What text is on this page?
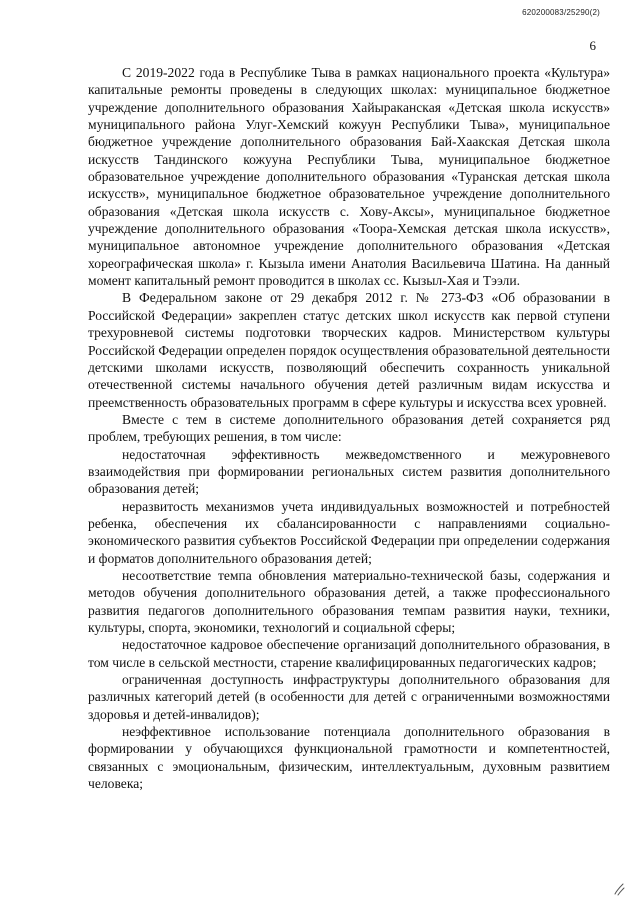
620200083/25290(2)
6

С 2019-2022 года в Республике Тыва в рамках национального проекта «Культура» капитальные ремонты проведены в следующих школах: муниципальное бюджетное учреждение дополнительного образования Хайыраканская «Детская школа искусств» муниципального района Улуг-Хемский кожуун Республики Тыва», муниципальное бюджетное учреждение дополнительного образования Бай-Хаакская Детская школа искусств Тандинского кожууна Республики Тыва, муниципальное бюджетное образовательное учреждение дополнительного образования «Туранская детская школа искусств», муниципальное бюджетное образовательное учреждение дополнительного образования «Детская школа искусств с. Хову-Аксы», муниципальное бюджетное учреждение дополнительного образования «Тоора-Хемская детская школа искусств», муниципальное автономное учреждение дополнительного образования «Детская хореографическая школа» г. Кызыла имени Анатолия Васильевича Шатина. На данный момент капитальный ремонт проводится в школах сс. Кызыл-Хая и Тээли.

В Федеральном законе от 29 декабря 2012 г. № 273-ФЗ «Об образовании в Российской Федерации» закреплен статус детских школ искусств как первой ступени трехуровневой системы подготовки творческих кадров. Министерством культуры Российской Федерации определен порядок осуществления образовательной деятельности детскими школами искусств, позволяющий обеспечить сохранность уникальной отечественной системы начального обучения детей различным видам искусства и преемственность образовательных программ в сфере культуры и искусства всех уровней.

Вместе с тем в системе дополнительного образования детей сохраняется ряд проблем, требующих решения, в том числе:

недостаточная эффективность межведомственного и межуровневого взаимодействия при формировании региональных систем развития дополнительного образования детей;

неразвитость механизмов учета индивидуальных возможностей и потребностей ребенка, обеспечения их сбалансированности с направлениями социально-экономического развития субъектов Российской Федерации при определении содержания и форматов дополнительного образования детей;

несоответствие темпа обновления материально-технической базы, содержания и методов обучения дополнительного образования детей, а также профессионального развития педагогов дополнительного образования темпам развития науки, техники, культуры, спорта, экономики, технологий и социальной сферы;

недостаточное кадровое обеспечение организаций дополнительного образования, в том числе в сельской местности, старение квалифицированных педагогических кадров;

ограниченная доступность инфраструктуры дополнительного образования для различных категорий детей (в особенности для детей с ограниченными возможностями здоровья и детей-инвалидов);

неэффективное использование потенциала дополнительного образования в формировании у обучающихся функциональной грамотности и компетентностей, связанных с эмоциональным, физическим, интеллектуальным, духовным развитием человека;
